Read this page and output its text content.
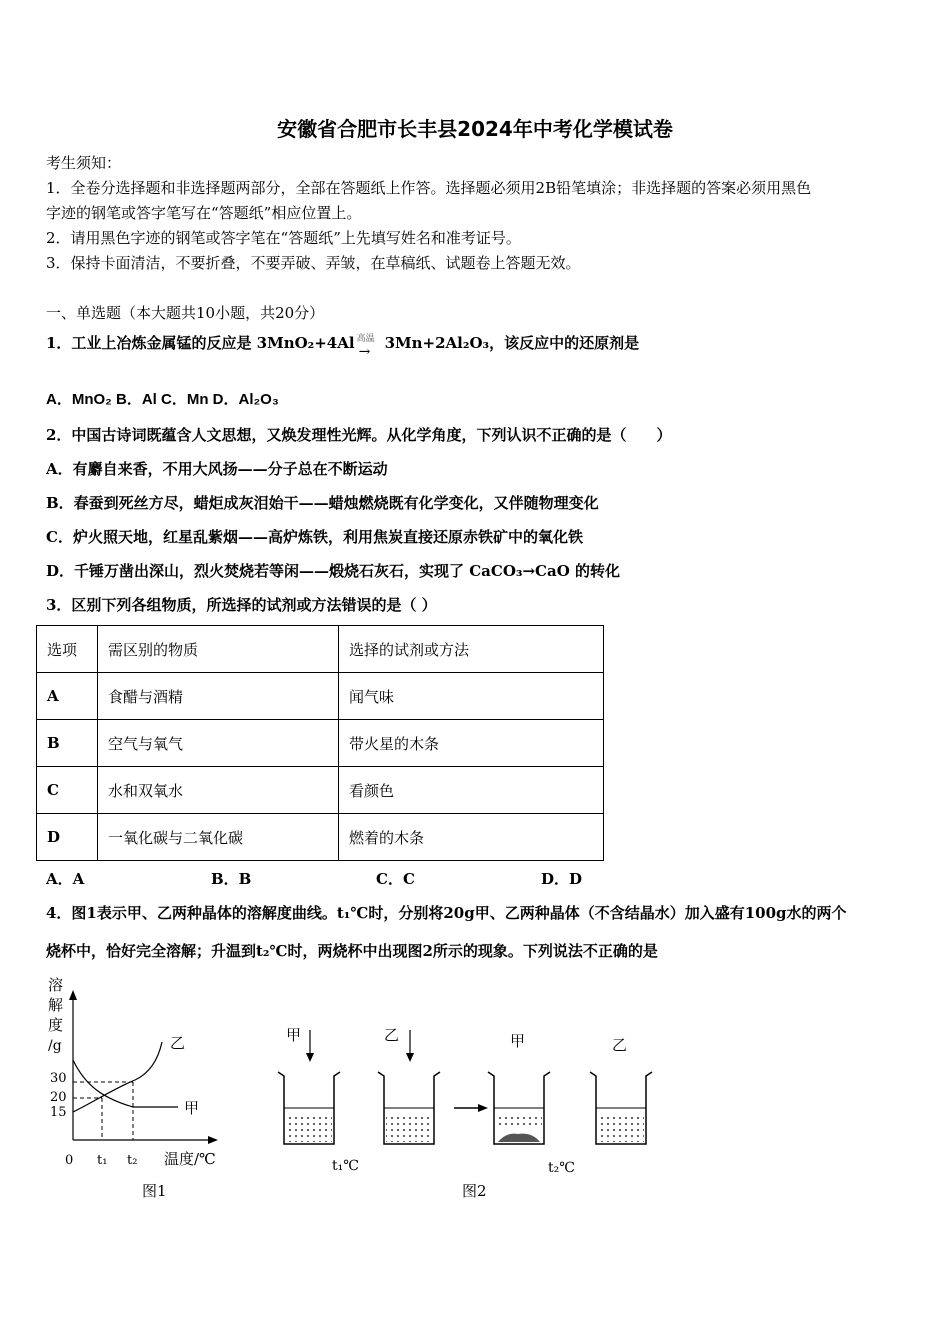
安徽省合肥市长丰县2024年中考化学模试卷
考生须知：
1．全卷分选择题和非选择题两部分，全部在答题纸上作答。选择题必须用2B铅笔填涂；非选择题的答案必须用黑色
字迹的钢笔或答字笔写在“答题纸”相应位置上。
2．请用黑色字迹的钢笔或答字笔在“答题纸”上先填写姓名和准考证号。
3．保持卡面清洁，不要折叠，不要弄破、弄皱，在草稿纸、试题卷上答题无效。
一、单选题（本大题共10小题，共20分）
1．工业上冶炼金属锰的反应是 3MnO₂+4Al 高温
→ 3Mn+2Al₂O₃，该反应中的还原剂是
A．MnO₂ B．Al C．Mn D．Al₂O₃
2．中国古诗词既蕴含人文思想，又焕发理性光辉。从化学角度，下列认识不正确的是（　　）
A．有麝自来香，不用大风扬——分子总在不断运动
B．春蚕到死丝方尽，蜡炬成灰泪始干——蜡烛燃烧既有化学变化，又伴随物理变化
C．炉火照天地，红星乱紫烟——高炉炼铁，利用焦炭直接还原赤铁矿中的氧化铁
D．千锤万凿出深山，烈火焚烧若等闲——煅烧石灰石，实现了 CaCO₃→CaO 的转化
3．区别下列各组物质，所选择的试剂或方法错误的是（ ）
选项	需区别的物质	选择的试剂或方法
A	食醋与酒精	闻气味
B	空气与氧气	带火星的木条
C	水和双氧水	看颜色
D	一氧化碳与二氧化碳	燃着的木条
A．A	B．B	C．C	D．D
4．图1表示甲、乙两种晶体的溶解度曲线。t₁℃时，分别将20g甲、乙两种晶体（不含结晶水）加入盛有100g水的两个
烧杯中，恰好完全溶解；升温到t₂℃时，两烧杯中出现图2所示的现象。下列说法不正确的是
溶
解
度
/g
30
20
15
乙
甲
0 t₁ t₂ 温度/℃
图1
甲	乙
t₁℃
甲	乙
t₂℃
图2
